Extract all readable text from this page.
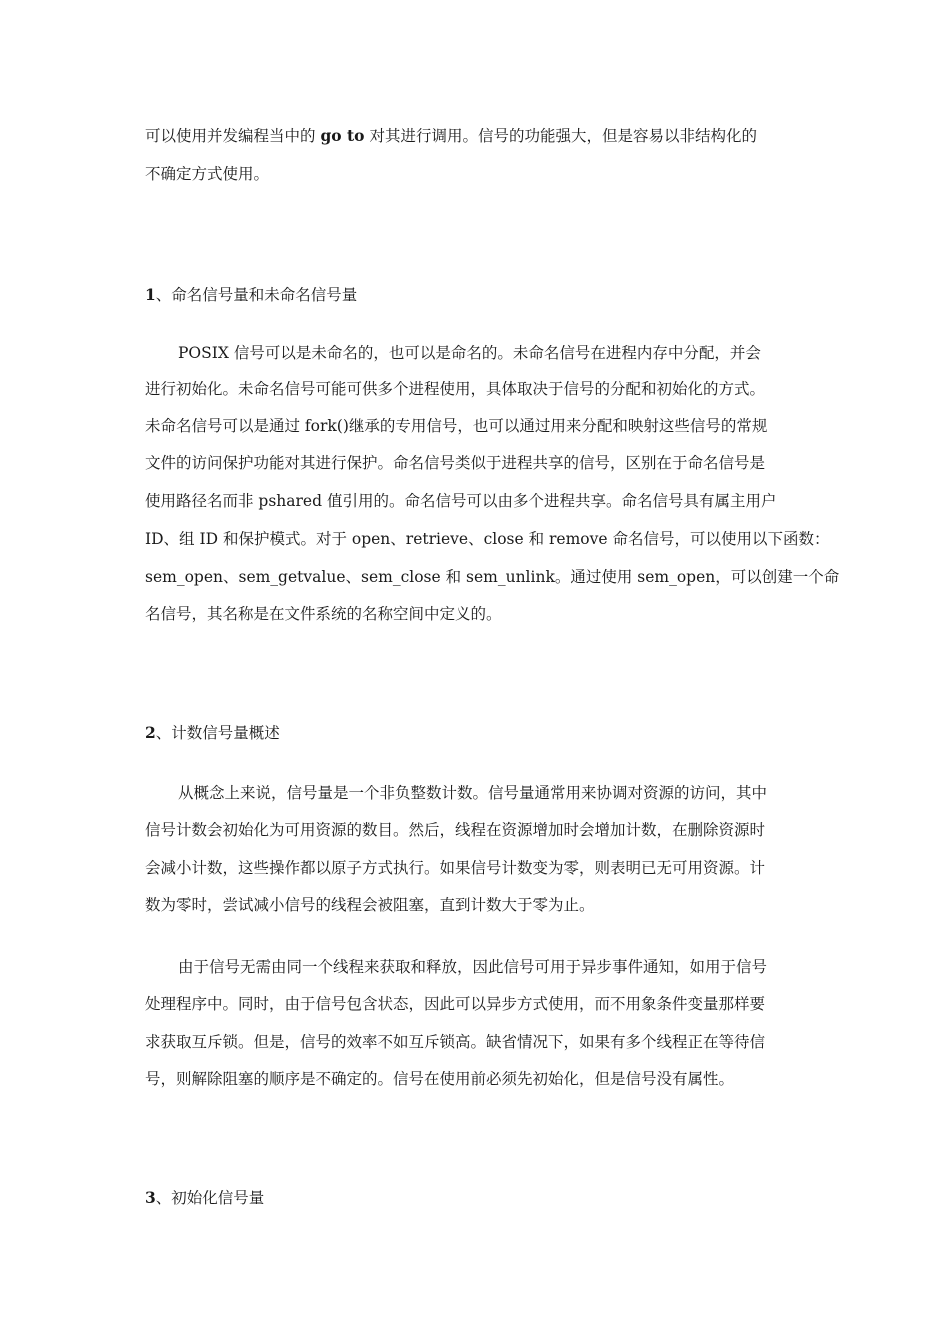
可以使用并发编程当中的 go to 对其进行调用。信号的功能强大，但是容易以非结构化的
不确定方式使用。
1、命名信号量和未命名信号量
POSIX 信号可以是未命名的，也可以是命名的。未命名信号在进程内存中分配，并会
进行初始化。未命名信号可能可供多个进程使用，具体取决于信号的分配和初始化的方式。
未命名信号可以是通过 fork()继承的专用信号，也可以通过用来分配和映射这些信号的常规
文件的访问保护功能对其进行保护。命名信号类似于进程共享的信号，区别在于命名信号是
使用路径名而非 pshared 值引用的。命名信号可以由多个进程共享。命名信号具有属主用户
ID、组 ID 和保护模式。对于 open、retrieve、close 和 remove 命名信号，可以使用以下函数：
sem_open、sem_getvalue、sem_close 和 sem_unlink。通过使用 sem_open，可以创建一个命
名信号，其名称是在文件系统的名称空间中定义的。
2、计数信号量概述
从概念上来说，信号量是一个非负整数计数。信号量通常用来协调对资源的访问，其中
信号计数会初始化为可用资源的数目。然后，线程在资源增加时会增加计数，在删除资源时
会减小计数，这些操作都以原子方式执行。如果信号计数变为零，则表明已无可用资源。计
数为零时，尝试减小信号的线程会被阻塞，直到计数大于零为止。
由于信号无需由同一个线程来获取和释放，因此信号可用于异步事件通知，如用于信号
处理程序中。同时，由于信号包含状态，因此可以异步方式使用，而不用象条件变量那样要
求获取互斥锁。但是，信号的效率不如互斥锁高。缺省情况下，如果有多个线程正在等待信
号，则解除阻塞的顺序是不确定的。信号在使用前必须先初始化，但是信号没有属性。
3、初始化信号量
